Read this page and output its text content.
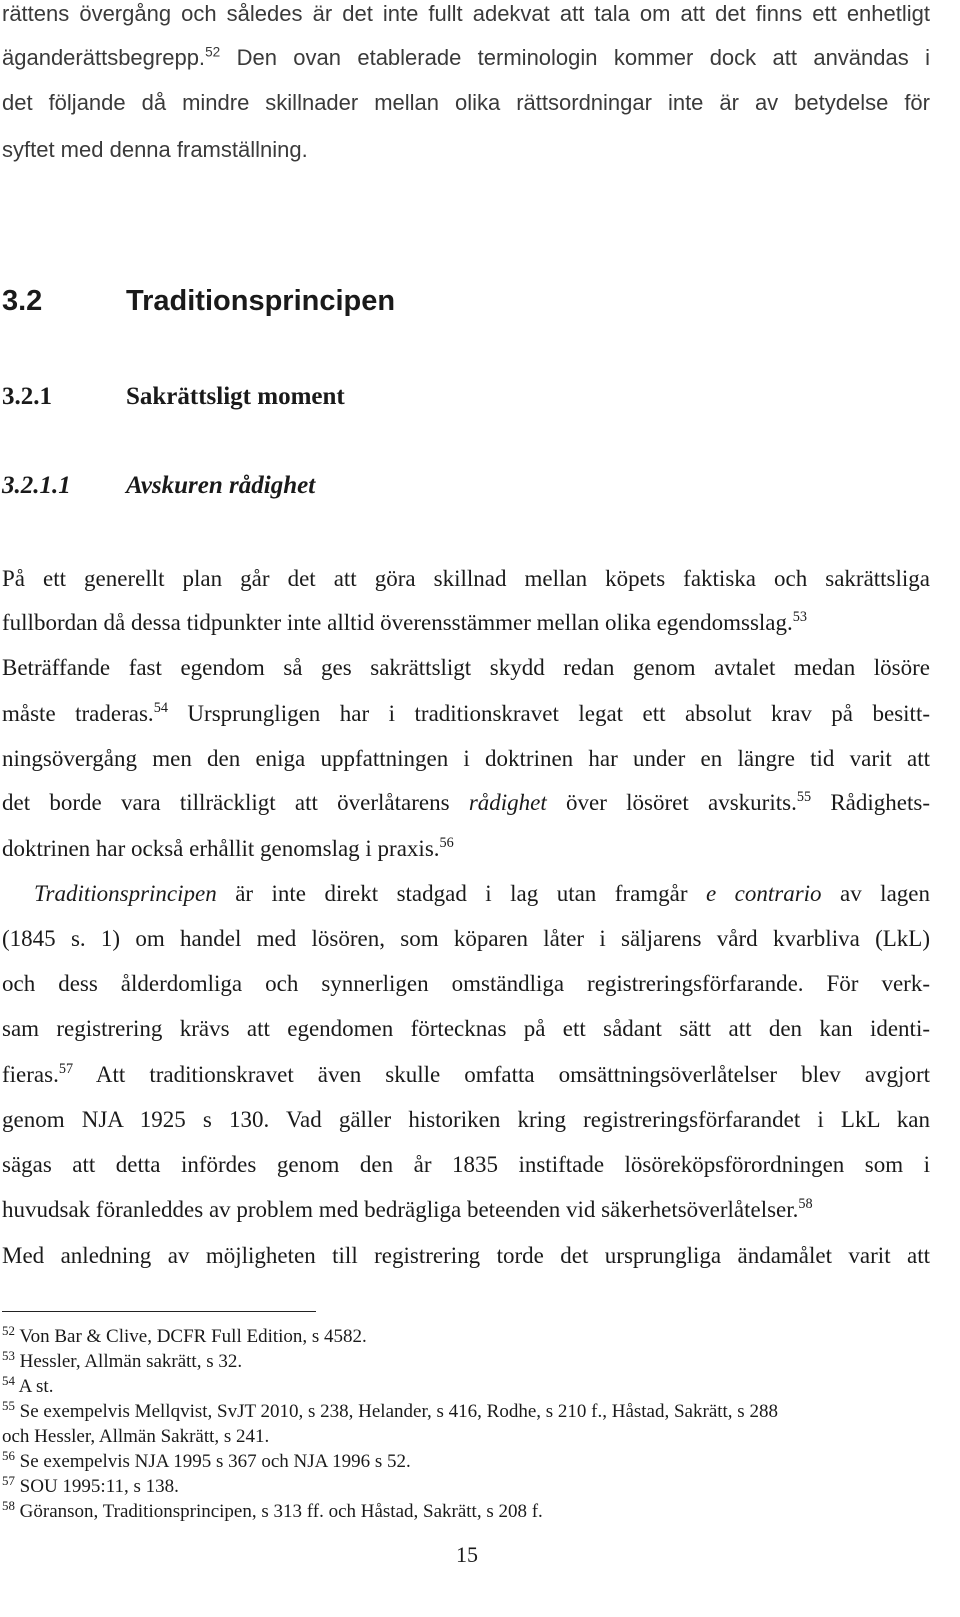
rättens övergång och således är det inte fullt adekvat att tala om att det finns ett enhetligt
äganderättsbegrepp.$^{52}$ Den ovan etablerade terminologin kommer dock att användas i
det följande då mindre skillnader mellan olika rättsordningar inte är av betydelse för
syftet med denna framställning.
3.2	Traditionsprincipen
3.2.1	Sakrättsligt moment
3.2.1.1 Avskuren rådighet
På ett generellt plan går det att göra skillnad mellan köpets faktiska och sakrättsliga
fullbordan då dessa tidpunkter inte alltid överensstämmer mellan olika egendomsslag.$^{53}$
Beträffande fast egendom så ges sakrättsligt skydd redan genom avtalet medan lösöre
måste traderas.$^{54}$ Ursprungligen har i traditionskravet legat ett absolut krav på besitt-
ningsövergång men den eniga uppfattningen i doktrinen har under en längre tid varit att
det borde vara tillräckligt att överlåtarens rådighet över lösöret avskurits.$^{55}$ Rådighets-
doktrinen har också erhållit genomslag i praxis.$^{56}$
Traditionsprincipen är inte direkt stadgad i lag utan framgår e contrario av lagen
(1845 s. 1) om handel med lösören, som köparen låter i säljarens vård kvarbliva (LkL)
och dess ålderdomliga och synnerligen omständliga registreringsförfarande. För verk-
sam registrering krävs att egendomen förtecknas på ett sådant sätt att den kan identi-
fieras.$^{57}$ Att traditionskravet även skulle omfatta omsättningsöverlåtelser blev avgjort
genom NJA 1925 s 130. Vad gäller historiken kring registreringsförfarandet i LkL kan
sägas att detta infördes genom den år 1835 instiftade lösöreköpsförordningen som i
huvudsak föranleddes av problem med bedrägliga beteenden vid säkerhetsöverlåtelser.$^{58}$
Med anledning av möjligheten till registrering torde det ursprungliga ändamålet varit att
$^{52}$ Von Bar & Clive, DCFR Full Edition, s 4582.
$^{53}$ Hessler, Allmän sakrätt, s 32.
$^{54}$ A st.
$^{55}$ Se exempelvis Mellqvist, SvJT 2010, s 238, Helander, s 416, Rodhe, s 210 f., Håstad, Sakrätt, s 288
och Hessler, Allmän Sakrätt, s 241.
$^{56}$ Se exempelvis NJA 1995 s 367 och NJA 1996 s 52.
$^{57}$ SOU 1995:11, s 138.
$^{58}$ Göranson, Traditionsprincipen, s 313 ff. och Håstad, Sakrätt, s 208 f.
15
